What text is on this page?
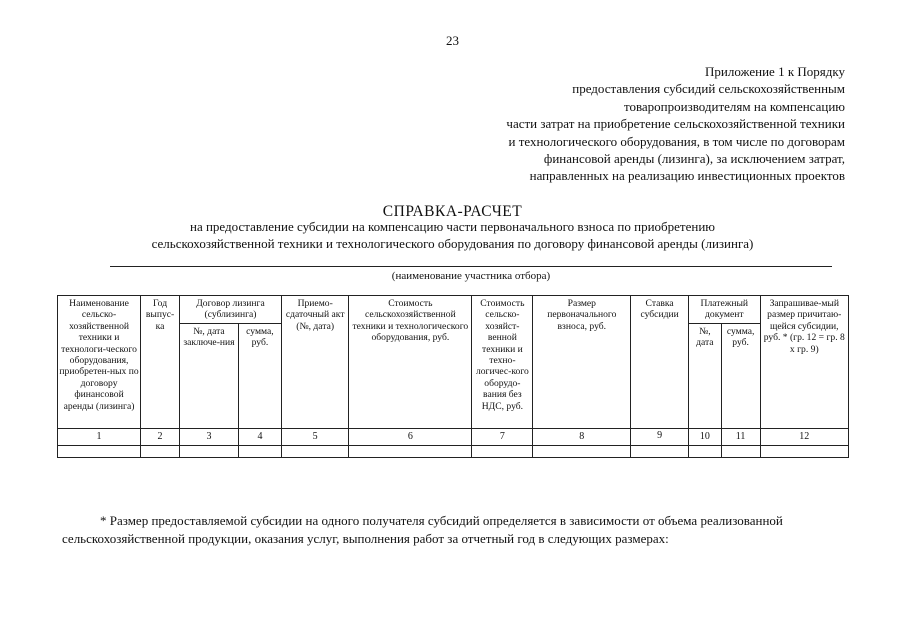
23
Приложение 1 к Порядку
предоставления субсидий сельскохозяйственным
товаропроизводителям на компенсацию
части затрат на приобретение сельскохозяйственной техники
и технологического оборудования, в том числе по договорам
финансовой аренды (лизинга), за исключением затрат,
направленных на реализацию инвестиционных проектов
СПРАВКА-РАСЧЕТ
на предоставление субсидии на компенсацию части первоначального взноса по приобретению
сельскохозяйственной техники и технологического оборудования по договору финансовой аренды (лизинга)
(наименование участника отбора)
Наименование сельско-хозяйственной техники и технологи-ческого оборудования, приобретен-ных по договору финансовой аренды (лизинга)	Год выпус-ка	Договор лизинга (сублизинга)		Приемо-сдаточный акт (№, дата)	Стоимость сельскохозяйственной техники и технологического оборудования, руб.	Стоимость сельско-хозяйст-венной техники и техно-логичес-кого оборудо-вания без НДС, руб.	Размер первоначального взноса, руб.	Ставка субсидии	Платежный документ		Запрашивае-мый размер причитаю-щейся субсидии, руб. * (гр. 12 = гр. 8 x гр. 9)
		№, дата заключе-ния	сумма, руб.						№, дата	сумма, руб.	
1	2	3	4	5	6	7	8	9	10	11	12

* Размер предоставляемой субсидии на одного получателя субсидий определяется в зависимости от объема реализованной
сельскохозяйственной продукции, оказания услуг, выполнения работ за отчетный год в следующих размерах:
